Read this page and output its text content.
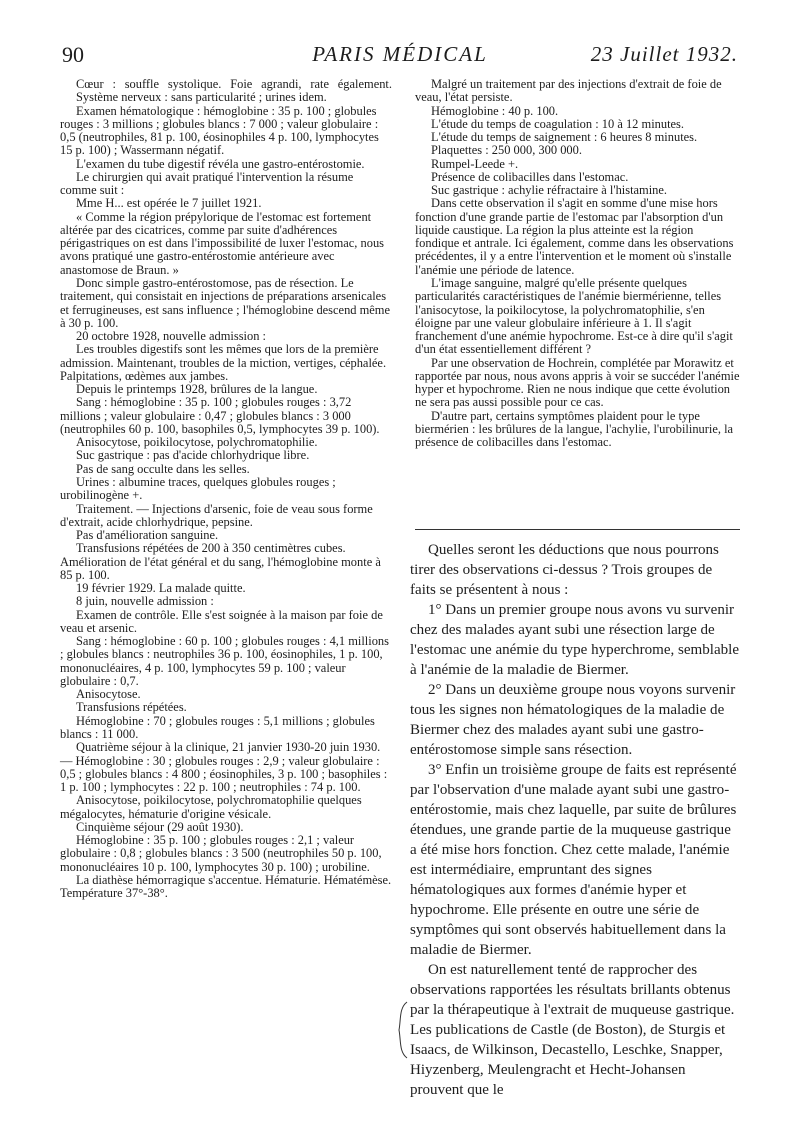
90	PARIS MÉDICAL	23 Juillet 1932.

Cœur : souffle systolique. Foie agrandi, rate également.

Système nerveux : sans particularité ; urines idem.

Examen hématologique : hémoglobine : 35 p. 100 ; globules rouges : 3 millions ; globules blancs : 7 000 ; valeur globulaire : 0,5 (neutrophiles, 81 p. 100, éosinophiles 4 p. 100, lymphocytes 15 p. 100) ; Wassermann négatif.

L'examen du tube digestif révéla une gastro-entérostomie.

Le chirurgien qui avait pratiqué l'intervention la résume comme suit :

Mme H... est opérée le 7 juillet 1921.

« Comme la région prépylorique de l'estomac est fortement altérée par des cicatrices, comme par suite d'adhérences périgastriques on est dans l'impossibilité de luxer l'estomac, nous avons pratiqué une gastro-entérostomie antérieure avec anastomose de Braun. »

Donc simple gastro-entérostomose, pas de résection. Le traitement, qui consistait en injections de préparations arsenicales et ferrugineuses, est sans influence ; l'hémoglobine descend même à 30 p. 100.

20 octobre 1928, nouvelle admission :

Les troubles digestifs sont les mêmes que lors de la première admission. Maintenant, troubles de la miction, vertiges, céphalée. Palpitations, œdèmes aux jambes.

Depuis le printemps 1928, brûlures de la langue.

Sang : hémoglobine : 35 p. 100 ; globules rouges : 3,72 millions ; valeur globulaire : 0,47 ; globules blancs : 3 000 (neutrophiles 60 p. 100, basophiles 0,5, lymphocytes 39 p. 100).

Anisocytose, poikilocytose, polychromatophilie.

Suc gastrique : pas d'acide chlorhydrique libre.

Pas de sang occulte dans les selles.

Urines : albumine traces, quelques globules rouges ; urobilinogène +.

Traitement. — Injections d'arsenic, foie de veau sous forme d'extrait, acide chlorhydrique, pepsine.

Pas d'amélioration sanguine.

Transfusions répétées de 200 à 350 centimètres cubes. Amélioration de l'état général et du sang, l'hémoglobine monte à 85 p. 100.

19 février 1929. La malade quitte.

8 juin, nouvelle admission :

Examen de contrôle. Elle s'est soignée à la maison par foie de veau et arsenic.

Sang : hémoglobine : 60 p. 100 ; globules rouges : 4,1 millions ; globules blancs : neutrophiles 36 p. 100, éosinophiles, 1 p. 100, mononucléaires, 4 p. 100, lymphocytes 59 p. 100 ; valeur globulaire : 0,7.

Anisocytose.

Transfusions répétées.

Hémoglobine : 70 ; globules rouges : 5,1 millions ; globules blancs : 11 000.

Quatrième séjour à la clinique, 21 janvier 1930-20 juin 1930. — Hémoglobine : 30 ; globules rouges : 2,9 ; valeur globulaire : 0,5 ; globules blancs : 4 800 ; éosinophiles, 3 p. 100 ; basophiles : 1 p. 100 ; lymphocytes : 22 p. 100 ; neutrophiles : 74 p. 100.

Anisocytose, poikilocytose, polychromatophilie quelques mégalocytes, hématurie d'origine vésicale.

Cinquième séjour (29 août 1930).

Hémoglobine : 35 p. 100 ; globules rouges : 2,1 ; valeur globulaire : 0,8 ; globules blancs : 3 500 (neutrophiles 50 p. 100, mononucléaires 10 p. 100, lymphocytes 30 p. 100) ; urobiline.

La diathèse hémorragique s'accentue. Hématurie. Hématémèse. Température 37°-38°.

Malgré un traitement par des injections d'extrait de foie de veau, l'état persiste.

Hémoglobine : 40 p. 100.

L'étude du temps de coagulation : 10 à 12 minutes.

L'étude du temps de saignement : 6 heures 8 minutes.

Plaquettes : 250 000, 300 000.

Rumpel-Leede +.

Présence de colibacilles dans l'estomac.

Suc gastrique : achylie réfractaire à l'histamine.

Dans cette observation il s'agit en somme d'une mise hors fonction d'une grande partie de l'estomac par l'absorption d'un liquide caustique. La région la plus atteinte est la région fondique et antrale. Ici également, comme dans les observations précédentes, il y a entre l'intervention et le moment où s'installe l'anémie une période de latence.

L'image sanguine, malgré qu'elle présente quelques particularités caractéristiques de l'anémie biermérienne, telles l'anisocytose, la poikilocytose, la polychromatophilie, s'en éloigne par une valeur globulaire inférieure à 1. Il s'agit franchement d'une anémie hypochrome. Est-ce à dire qu'il s'agit d'un état essentiellement différent ?

Par une observation de Hochrein, complétée par Morawitz et rapportée par nous, nous avons appris à voir se succéder l'anémie hyper et hypochrome. Rien ne nous indique que cette évolution ne sera pas aussi possible pour ce cas.

D'autre part, certains symptômes plaident pour le type biermérien : les brûlures de la langue, l'achylie, l'urobilinurie, la présence de colibacilles dans l'estomac.

Quelles seront les déductions que nous pourrons tirer des observations ci-dessus ? Trois groupes de faits se présentent à nous :

1° Dans un premier groupe nous avons vu survenir chez des malades ayant subi une résection large de l'estomac une anémie du type hyperchrome, semblable à l'anémie de la maladie de Biermer.

2° Dans un deuxième groupe nous voyons survenir tous les signes non hématologiques de la maladie de Biermer chez des malades ayant subi une gastro-entérostomose simple sans résection.

3° Enfin un troisième groupe de faits est représenté par l'observation d'une malade ayant subi une gastro-entérostomie, mais chez laquelle, par suite de brûlures étendues, une grande partie de la muqueuse gastrique a été mise hors fonction. Chez cette malade, l'anémie est intermédiaire, empruntant des signes hématologiques aux formes d'anémie hyper et hypochrome. Elle présente en outre une série de symptômes qui sont observés habituellement dans la maladie de Biermer.

On est naturellement tenté de rapprocher des observations rapportées les résultats brillants obtenus par la thérapeutique à l'extrait de muqueuse gastrique. Les publications de Castle (de Boston), de Sturgis et Isaacs, de Wilkinson, Decastello, Leschke, Snapper, Hiyzenberg, Meulengracht et Hecht-Johansen prouvent que le
